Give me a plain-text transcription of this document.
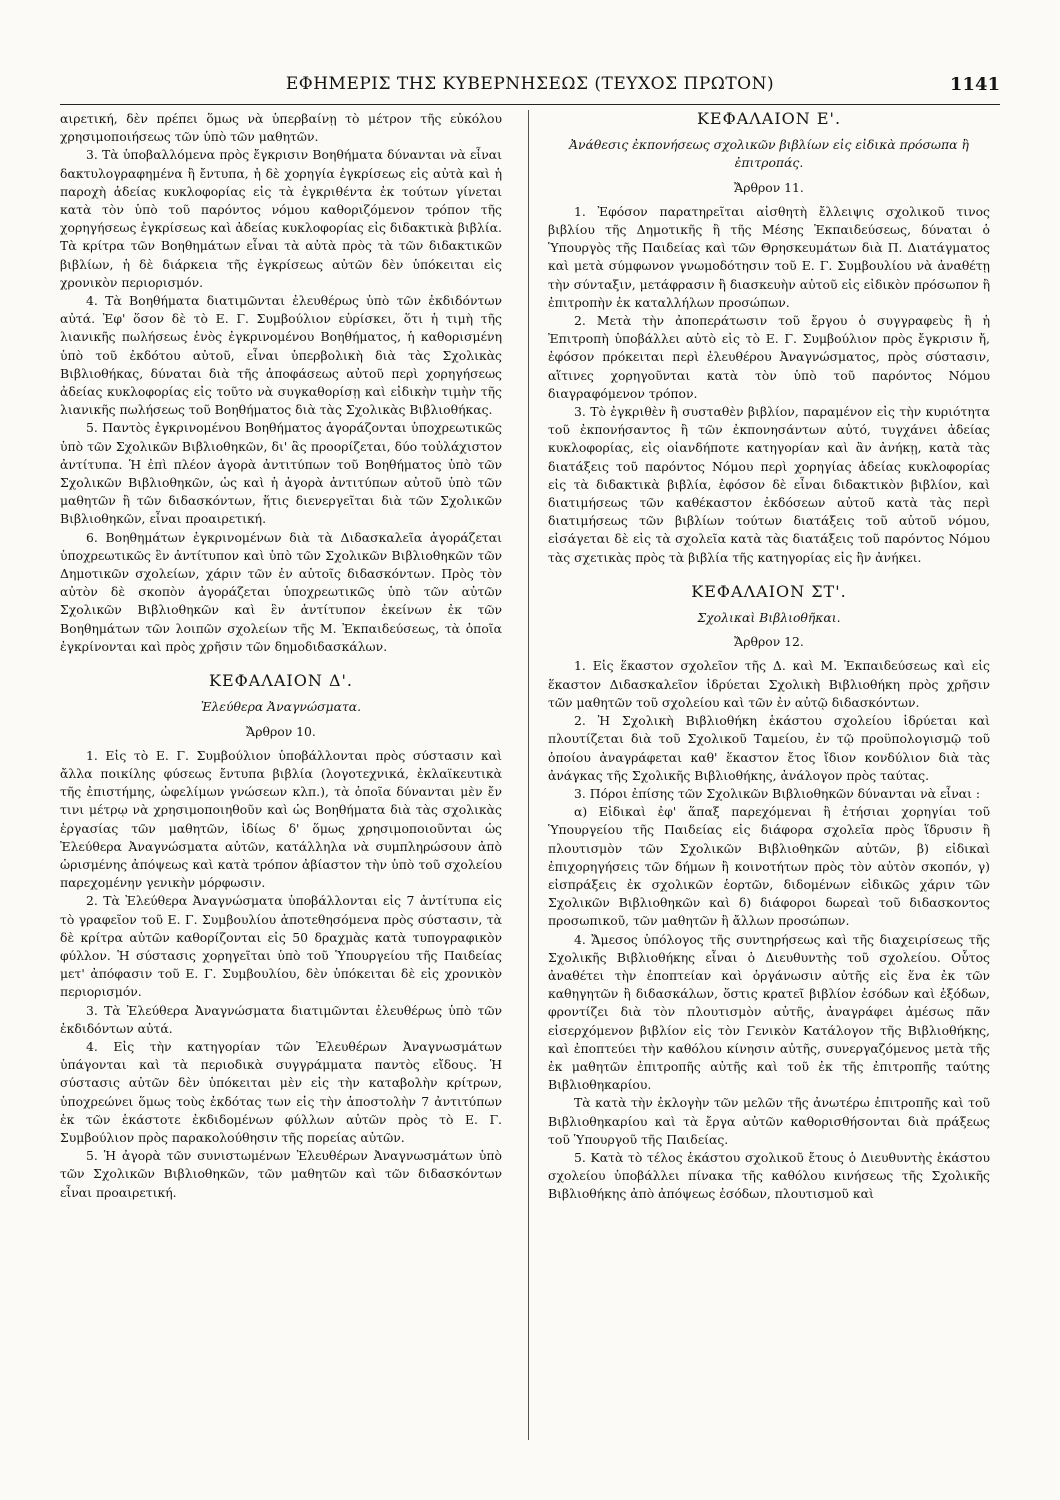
ΕΦΗΜΕΡΙΣ ΤΗΣ ΚΥΒΕΡΝΗΣΕΩΣ (ΤΕΥΧΟΣ ΠΡΩΤΟΝ)	1141

αιρετική, δὲν πρέπει ὅμως νὰ ὑπερβαίνῃ τὸ μέτρον τῆς εὐκόλου χρησιμοποιήσεως τῶν ὑπὸ τῶν μαθητῶν.

3. Τὰ ὑποβαλλόμενα πρὸς ἔγκρισιν Βοηθήματα δύνανται νὰ εἶναι δακτυλογραφημένα ἢ ἔντυπα, ἡ δὲ χορηγία ἐγκρίσεως εἰς αὐτὰ καὶ ἡ παροχὴ ἀδείας κυκλοφορίας εἰς τὰ ἐγκριθέντα ἐκ τούτων γίνεται κατὰ τὸν ὑπὸ τοῦ παρόντος νόμου καθοριζόμενον τρόπον τῆς χορηγήσεως ἐγκρίσεως καὶ ἀδείας κυκλοφορίας εἰς διδακτικὰ βιβλία. Τὰ κρίτρα τῶν Βοηθημάτων εἶναι τὰ αὐτὰ πρὸς τὰ τῶν διδακτικῶν βιβλίων, ἡ δὲ διάρκεια τῆς ἐγκρίσεως αὐτῶν δὲν ὑπόκειται εἰς χρονικὸν περιορισμόν.

4. Τὰ Βοηθήματα διατιμῶνται ἐλευθέρως ὑπὸ τῶν ἐκδιδόντων αὐτά. Ἐφ' ὅσον δὲ τὸ Ε. Γ. Συμβούλιον εὑρίσκει, ὅτι ἡ τιμὴ τῆς λιανικῆς πωλήσεως ἑνὸς ἐγκρινομένου Βοηθήματος, ἡ καθορισμένη ὑπὸ τοῦ ἐκδότου αὐτοῦ, εἶναι ὑπερβολικὴ διὰ τὰς Σχολικὰς Βιβλιοθήκας, δύναται διὰ τῆς ἀποφάσεως αὐτοῦ περὶ χορηγήσεως ἀδείας κυκλοφορίας εἰς τοῦτο νὰ συγκαθορίσῃ καὶ εἰδικὴν τιμὴν τῆς λιανικῆς πωλήσεως τοῦ Βοηθήματος διὰ τὰς Σχολικὰς Βιβλιοθήκας.

5. Παντὸς ἐγκρινομένου Βοηθήματος ἀγοράζονται ὑποχρεωτικῶς ὑπὸ τῶν Σχολικῶν Βιβλιοθηκῶν, δι' ἃς προορίζεται, δύο τοὐλάχιστον ἀντίτυπα. Ἡ ἐπὶ πλέον ἀγορὰ ἀντιτύπων τοῦ Βοηθήματος ὑπὸ τῶν Σχολικῶν Βιβλιοθηκῶν, ὡς καὶ ἡ ἀγορὰ ἀντιτύπων αὐτοῦ ὑπὸ τῶν μαθητῶν ἢ τῶν διδασκόντων, ἥτις διενεργεῖται διὰ τῶν Σχολικῶν Βιβλιοθηκῶν, εἶναι προαιρετική.

6. Βοηθημάτων ἐγκρινομένων διὰ τὰ Διδασκαλεῖα ἀγοράζεται ὑποχρεωτικῶς ἓν ἀντίτυπον καὶ ὑπὸ τῶν Σχολικῶν Βιβλιοθηκῶν τῶν Δημοτικῶν σχολείων, χάριν τῶν ἐν αὐτοῖς διδασκόντων. Πρὸς τὸν αὐτὸν δὲ σκοπὸν ἀγοράζεται ὑποχρεωτικῶς ὑπὸ τῶν αὐτῶν Σχολικῶν Βιβλιοθηκῶν καὶ ἓν ἀντίτυπον ἐκείνων ἐκ τῶν Βοηθημάτων τῶν λοιπῶν σχολείων τῆς Μ. Ἐκπαιδεύσεως, τὰ ὁποῖα ἐγκρίνονται καὶ πρὸς χρῆσιν τῶν δημοδιδασκάλων.

ΚΕΦΑΛΑΙΟΝ Δ'.

Ἐλεύθερα Ἀναγνώσματα.

Ἄρθρον 10.

1. Εἰς τὸ Ε. Γ. Συμβούλιον ὑποβάλλονται πρὸς σύστασιν καὶ ἄλλα ποικίλης φύσεως ἔντυπα βιβλία (λογοτεχνικά, ἐκλαϊκευτικὰ τῆς ἐπιστήμης, ὠφελίμων γνώσεων κλπ.), τὰ ὁποῖα δύνανται μὲν ἔν τινι μέτρῳ νὰ χρησιμοποιηθοῦν καὶ ὡς Βοηθήματα διὰ τὰς σχολικὰς ἐργασίας τῶν μαθητῶν, ἰδίως δ' ὅμως χρησιμοποιοῦνται ὡς Ἐλεύθερα Ἀναγνώσματα αὐτῶν, κατάλληλα νὰ συμπληρώσουν ἀπὸ ὡρισμένης ἀπόψεως καὶ κατὰ τρόπον ἀβίαστον τὴν ὑπὸ τοῦ σχολείου παρεχομένην γενικὴν μόρφωσιν.

2. Τὰ Ἐλεύθερα Ἀναγνώσματα ὑποβάλλονται εἰς 7 ἀντίτυπα εἰς τὸ γραφεῖον τοῦ Ε. Γ. Συμβουλίου ἀποτεθησόμενα πρὸς σύστασιν, τὰ δὲ κρίτρα αὐτῶν καθορίζονται εἰς 50 δραχμὰς κατὰ τυπογραφικὸν φύλλον. Ἡ σύστασις χορηγεῖται ὑπὸ τοῦ Ὑπουργείου τῆς Παιδείας μετ' ἀπόφασιν τοῦ Ε. Γ. Συμβουλίου, δὲν ὑπόκειται δὲ εἰς χρονικὸν περιορισμόν.

3. Τὰ Ἐλεύθερα Ἀναγνώσματα διατιμῶνται ἐλευθέρως ὑπὸ τῶν ἐκδιδόντων αὐτά.

4. Εἰς τὴν κατηγορίαν τῶν Ἐλευθέρων Ἀναγνωσμάτων ὑπάγονται καὶ τὰ περιοδικὰ συγγράμματα παντὸς εἴδους. Ἡ σύστασις αὐτῶν δὲν ὑπόκειται μὲν εἰς τὴν καταβολὴν κρίτρων, ὑποχρεώνει ὅμως τοὺς ἐκδότας των εἰς τὴν ἀποστολὴν 7 ἀντιτύπων ἐκ τῶν ἑκάστοτε ἐκδιδομένων φύλλων αὐτῶν πρὸς τὸ Ε. Γ. Συμβούλιον πρὸς παρακολούθησιν τῆς πορείας αὐτῶν.

5. Ἡ ἀγορὰ τῶν συνιστωμένων Ἐλευθέρων Ἀναγνωσμάτων ὑπὸ τῶν Σχολικῶν Βιβλιοθηκῶν, τῶν μαθητῶν καὶ τῶν διδασκόντων εἶναι προαιρετική.

ΚΕΦΑΛΑΙΟΝ Ε'.

Ἀνάθεσις ἐκπονήσεως σχολικῶν βιβλίων εἰς εἰδικὰ πρόσωπα ἢ ἐπιτροπάς.

Ἄρθρον 11.

1. Ἐφόσον παρατηρεῖται αἰσθητὴ ἔλλειψις σχολικοῦ τινος βιβλίου τῆς Δημοτικῆς ἢ τῆς Μέσης Ἐκπαιδεύσεως, δύναται ὁ Ὑπουργὸς τῆς Παιδείας καὶ τῶν Θρησκευμάτων διὰ Π. Διατάγματος καὶ μετὰ σύμφωνον γνωμοδότησιν τοῦ Ε. Γ. Συμβουλίου νὰ ἀναθέτῃ τὴν σύνταξιν, μετάφρασιν ἢ διασκευὴν αὐτοῦ εἰς εἰδικὸν πρόσωπον ἢ ἐπιτροπὴν ἐκ καταλλήλων προσώπων.

2. Μετὰ τὴν ἀποπεράτωσιν τοῦ ἔργου ὁ συγγραφεὺς ἢ ἡ Ἐπιτροπὴ ὑποβάλλει αὐτὸ εἰς τὸ Ε. Γ. Συμβούλιον πρὸς ἔγκρισιν ἤ, ἐφόσον πρόκειται περὶ ἐλευθέρου Ἀναγνώσματος, πρὸς σύστασιν, αἵτινες χορηγοῦνται κατὰ τὸν ὑπὸ τοῦ παρόντος Νόμου διαγραφόμενον τρόπον.

3. Τὸ ἐγκριθὲν ἢ συσταθὲν βιβλίον, παραμένον εἰς τὴν κυριότητα τοῦ ἐκπονήσαντος ἢ τῶν ἐκπονησάντων αὐτό, τυγχάνει ἀδείας κυκλοφορίας, εἰς οἱανδήποτε κατηγορίαν καὶ ἂν ἀνήκῃ, κατὰ τὰς διατάξεις τοῦ παρόντος Νόμου περὶ χορηγίας ἀδείας κυκλοφορίας εἰς τὰ διδακτικὰ βιβλία, ἐφόσον δὲ εἶναι διδακτικὸν βιβλίον, καὶ διατιμήσεως τῶν καθέκαστον ἐκδόσεων αὐτοῦ κατὰ τὰς περὶ διατιμήσεως τῶν βιβλίων τούτων διατάξεις τοῦ αὐτοῦ νόμου, εἰσάγεται δὲ εἰς τὰ σχολεῖα κατὰ τὰς διατάξεις τοῦ παρόντος Νόμου τὰς σχετικὰς πρὸς τὰ βιβλία τῆς κατηγορίας εἰς ἣν ἀνήκει.

ΚΕΦΑΛΑΙΟΝ ΣΤ'.

Σχολικαὶ Βιβλιοθῆκαι.

Ἄρθρον 12.

1. Εἰς ἕκαστον σχολεῖον τῆς Δ. καὶ Μ. Ἐκπαιδεύσεως καὶ εἰς ἕκαστον Διδασκαλεῖον ἱδρύεται Σχολικὴ Βιβλιοθήκη πρὸς χρῆσιν τῶν μαθητῶν τοῦ σχολείου καὶ τῶν ἐν αὐτῷ διδασκόντων.

2. Ἡ Σχολικὴ Βιβλιοθήκη ἑκάστου σχολείου ἱδρύεται καὶ πλουτίζεται διὰ τοῦ Σχολικοῦ Ταμείου, ἐν τῷ προϋπολογισμῷ τοῦ ὁποίου ἀναγράφεται καθ' ἕκαστον ἔτος ἴδιον κονδύλιον διὰ τὰς ἀνάγκας τῆς Σχολικῆς Βιβλιοθήκης, ἀνάλογον πρὸς ταύτας.

3. Πόροι ἐπίσης τῶν Σχολικῶν Βιβλιοθηκῶν δύνανται νὰ εἶναι :

α) Εἰδικαὶ ἐφ' ἅπαξ παρεχόμεναι ἢ ἐτήσιαι χορηγίαι τοῦ Ὑπουργείου τῆς Παιδείας εἰς διάφορα σχολεῖα πρὸς ἵδρυσιν ἢ πλουτισμὸν τῶν Σχολικῶν Βιβλιοθηκῶν αὐτῶν, β) εἰδικαὶ ἐπιχορηγήσεις τῶν δήμων ἢ κοινοτήτων πρὸς τὸν αὐτὸν σκοπόν, γ) εἰσπράξεις ἐκ σχολικῶν ἑορτῶν, διδομένων εἰδικῶς χάριν τῶν Σχολικῶν Βιβλιοθηκῶν καὶ δ) διάφοροι δωρεαὶ τοῦ διδασκοντος προσωπικοῦ, τῶν μαθητῶν ἢ ἄλλων προσώπων.

4. Ἄμεσος ὑπόλογος τῆς συντηρήσεως καὶ τῆς διαχειρίσεως τῆς Σχολικῆς Βιβλιοθήκης εἶναι ὁ Διευθυντὴς τοῦ σχολείου. Οὗτος ἀναθέτει τὴν ἐποπτείαν καὶ ὀργάνωσιν αὐτῆς εἰς ἕνα ἐκ τῶν καθηγητῶν ἢ διδασκάλων, ὅστις κρατεῖ βιβλίον ἐσόδων καὶ ἐξόδων, φροντίζει διὰ τὸν πλουτισμὸν αὐτῆς, ἀναγράφει ἀμέσως πᾶν εἰσερχόμενον βιβλίον εἰς τὸν Γενικὸν Κατάλογον τῆς Βιβλιοθήκης, καὶ ἐποπτεύει τὴν καθόλου κίνησιν αὐτῆς, συνεργαζόμενος μετὰ τῆς ἐκ μαθητῶν ἐπιτροπῆς αὐτῆς καὶ τοῦ ἐκ τῆς ἐπιτροπῆς ταύτης Βιβλιοθηκαρίου.

Τὰ κατὰ τὴν ἐκλογὴν τῶν μελῶν τῆς ἀνωτέρω ἐπιτροπῆς καὶ τοῦ Βιβλιοθηκαρίου καὶ τὰ ἔργα αὐτῶν καθορισθήσονται διὰ πράξεως τοῦ Ὑπουργοῦ τῆς Παιδείας.

5. Κατὰ τὸ τέλος ἑκάστου σχολικοῦ ἔτους ὁ Διευθυντὴς ἑκάστου σχολείου ὑποβάλλει πίνακα τῆς καθόλου κινήσεως τῆς Σχολικῆς Βιβλιοθήκης ἀπὸ ἀπόψεως ἐσόδων, πλουτισμοῦ καὶ
